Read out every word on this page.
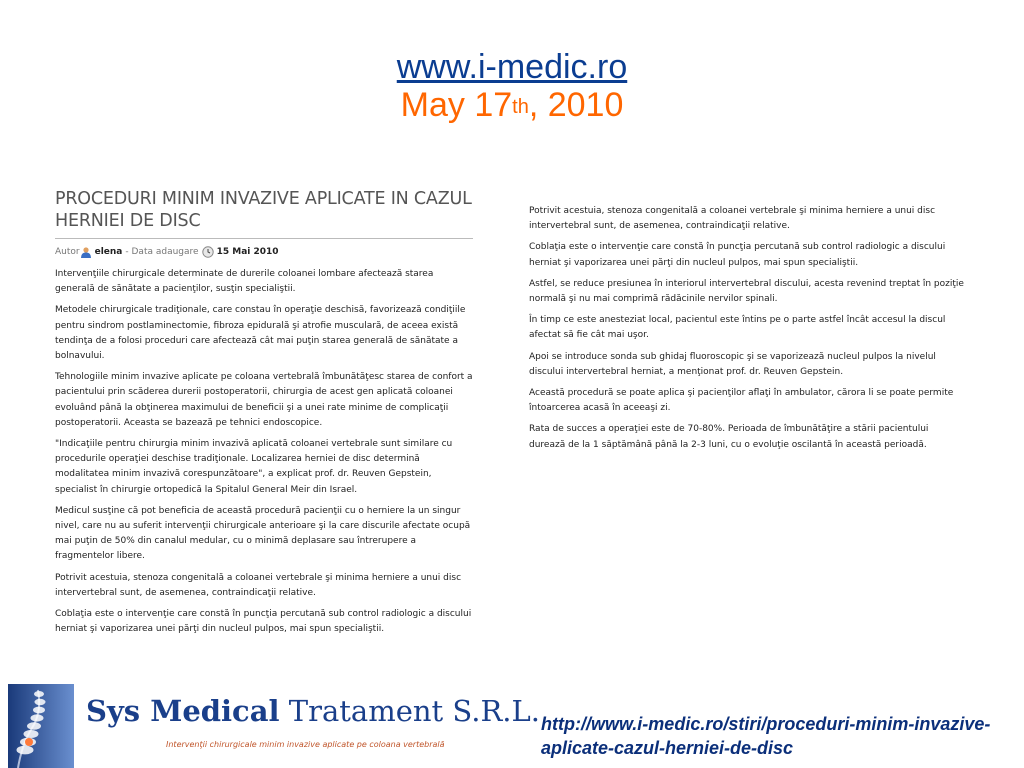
www.i-medic.ro
May 17th, 2010
PROCEDURI MINIM INVAZIVE APLICATE IN CAZUL HERNIEI DE DISC
Autor elena - Data adaugare 15 Mai 2010

Intervenţiile chirurgicale determinate de durerile coloanei lombare afectează starea generală de sănătate a pacienţilor, susţin specialiştii.

Metodele chirurgicale tradiţionale, care constau în operaţie deschisă, favorizează condiţiile pentru sindrom postlaminectomie, fibroza epidurală şi atrofie musculară, de aceea există tendinţa de a folosi proceduri care afectează cât mai puţin starea generală de sănătate a bolnavului.

Tehnologiile minim invazive aplicate pe coloana vertebrală îmbunătăţesc starea de confort a pacientului prin scăderea durerii postoperatorii, chirurgia de acest gen aplicată coloanei evoluând până la obţinerea maximului de beneficii şi a unei rate minime de complicaţii postoperatorii. Aceasta se bazează pe tehnici endoscopice.

"Indicaţiile pentru chirurgia minim invazivă aplicată coloanei vertebrale sunt similare cu procedurile operaţiei deschise tradiţionale. Localizarea herniei de disc determină modalitatea minim invazivă corespunzătoare", a explicat prof. dr. Reuven Gepstein, specialist în chirurgie ortopedică la Spitalul General Meir din Israel.

Medicul susţine că pot beneficia de această procedură pacienţii cu o herniere la un singur nivel, care nu au suferit intervenţii chirurgicale anterioare şi la care discurile afectate ocupă mai puţin de 50% din canalul medular, cu o minimă deplasare sau întrerupere a fragmentelor libere.

Potrivit acestuia, stenoza congenitală a coloanei vertebrale şi minima herniere a unui disc intervertebral sunt, de asemenea, contraindicaţii relative.

Coblaţia este o intervenţie care constă în puncţia percutană sub control radiologic a discului herniat şi vaporizarea unei părţi din nucleul pulpos, mai spun specialiştii.

Potrivit acestuia, stenoza congenitală a coloanei vertebrale şi minima herniere a unui disc intervertebral sunt, de asemenea, contraindicaţii relative.

Coblaţia este o intervenţie care constă în puncţia percutană sub control radiologic a discului herniat şi vaporizarea unei părţi din nucleul pulpos, mai spun specialiştii.

Astfel, se reduce presiunea în interiorul intervertebral discului, acesta revenind treptat în poziţie normală şi nu mai comprimă rădăcinile nervilor spinali.

În timp ce este anesteziat local, pacientul este întins pe o parte astfel încât accesul la discul afectat să fie cât mai uşor.

Apoi se introduce sonda sub ghidaj fluoroscopic şi se vaporizează nucleul pulpos la nivelul discului intervertebral herniat, a menţionat prof. dr. Reuven Gepstein.

Această procedură se poate aplica şi pacienţilor aflaţi în ambulator, cărora li se poate permite întoarcerea acasă în aceeaşi zi.

Rata de succes a operaţiei este de 70-80%. Perioada de îmbunătăţire a stării pacientului durează de la 1 săptămână până la 2-3 luni, cu o evoluţie oscilantă în această perioadă.

Sys Medical Tratament S.R.L.
Intervenţii chirurgicale minim invazive aplicate pe coloana vertebrală
http://www.i-medic.ro/stiri/proceduri-minim-invazive-aplicate-cazul-herniei-de-disc
